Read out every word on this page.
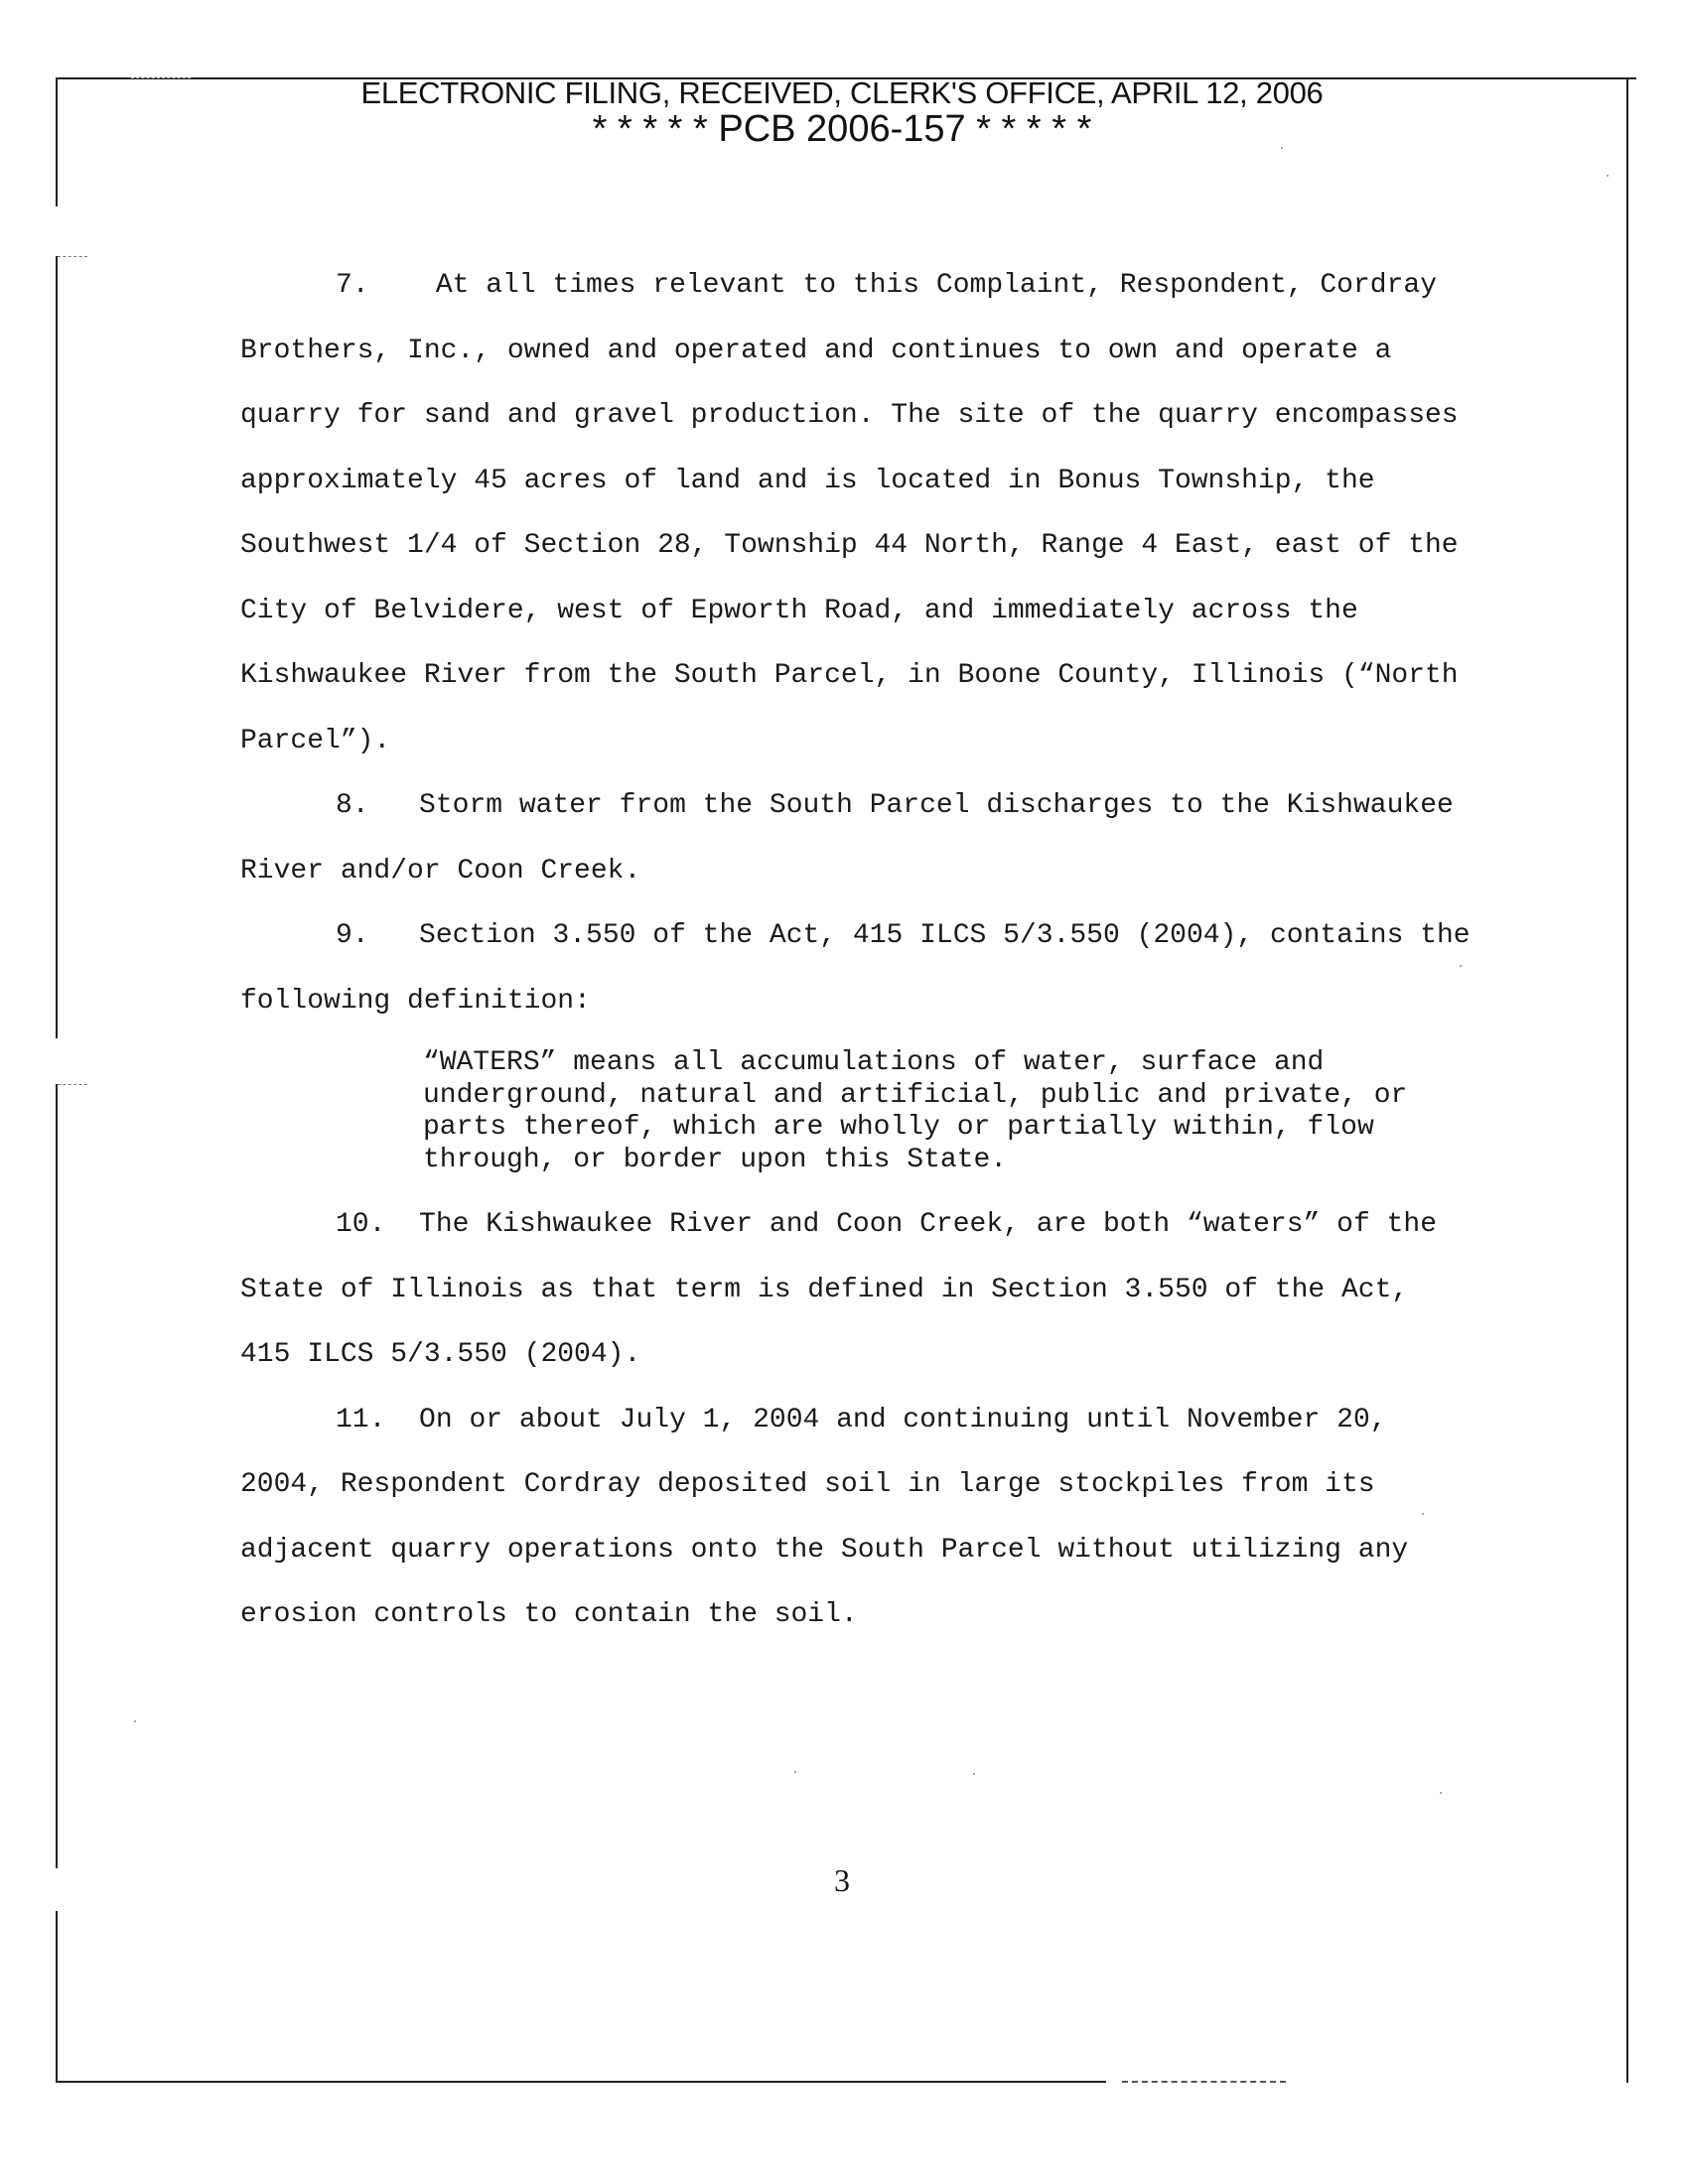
ELECTRONIC FILING, RECEIVED, CLERK'S OFFICE, APRIL 12, 2006
* * * * * PCB 2006-157 * * * * *

7. At all times relevant to this Complaint, Respondent, Cordray Brothers, Inc., owned and operated and continues to own and operate a quarry for sand and gravel production. The site of the quarry encompasses approximately 45 acres of land and is located in Bonus Township, the Southwest 1/4 of Section 28, Township 44 North, Range 4 East, east of the City of Belvidere, west of Epworth Road, and immediately across the Kishwaukee River from the South Parcel, in Boone County, Illinois (“North Parcel”).

8. Storm water from the South Parcel discharges to the Kishwaukee River and/or Coon Creek.

9. Section 3.550 of the Act, 415 ILCS 5/3.550 (2004), contains the following definition:

“WATERS” means all accumulations of water, surface and underground, natural and artificial, public and private, or parts thereof, which are wholly or partially within, flow through, or border upon this State.

10. The Kishwaukee River and Coon Creek, are both “waters” of the State of Illinois as that term is defined in Section 3.550 of the Act, 415 ILCS 5/3.550 (2004).

11. On or about July 1, 2004 and continuing until November 20, 2004, Respondent Cordray deposited soil in large stockpiles from its adjacent quarry operations onto the South Parcel without utilizing any erosion controls to contain the soil.

3
